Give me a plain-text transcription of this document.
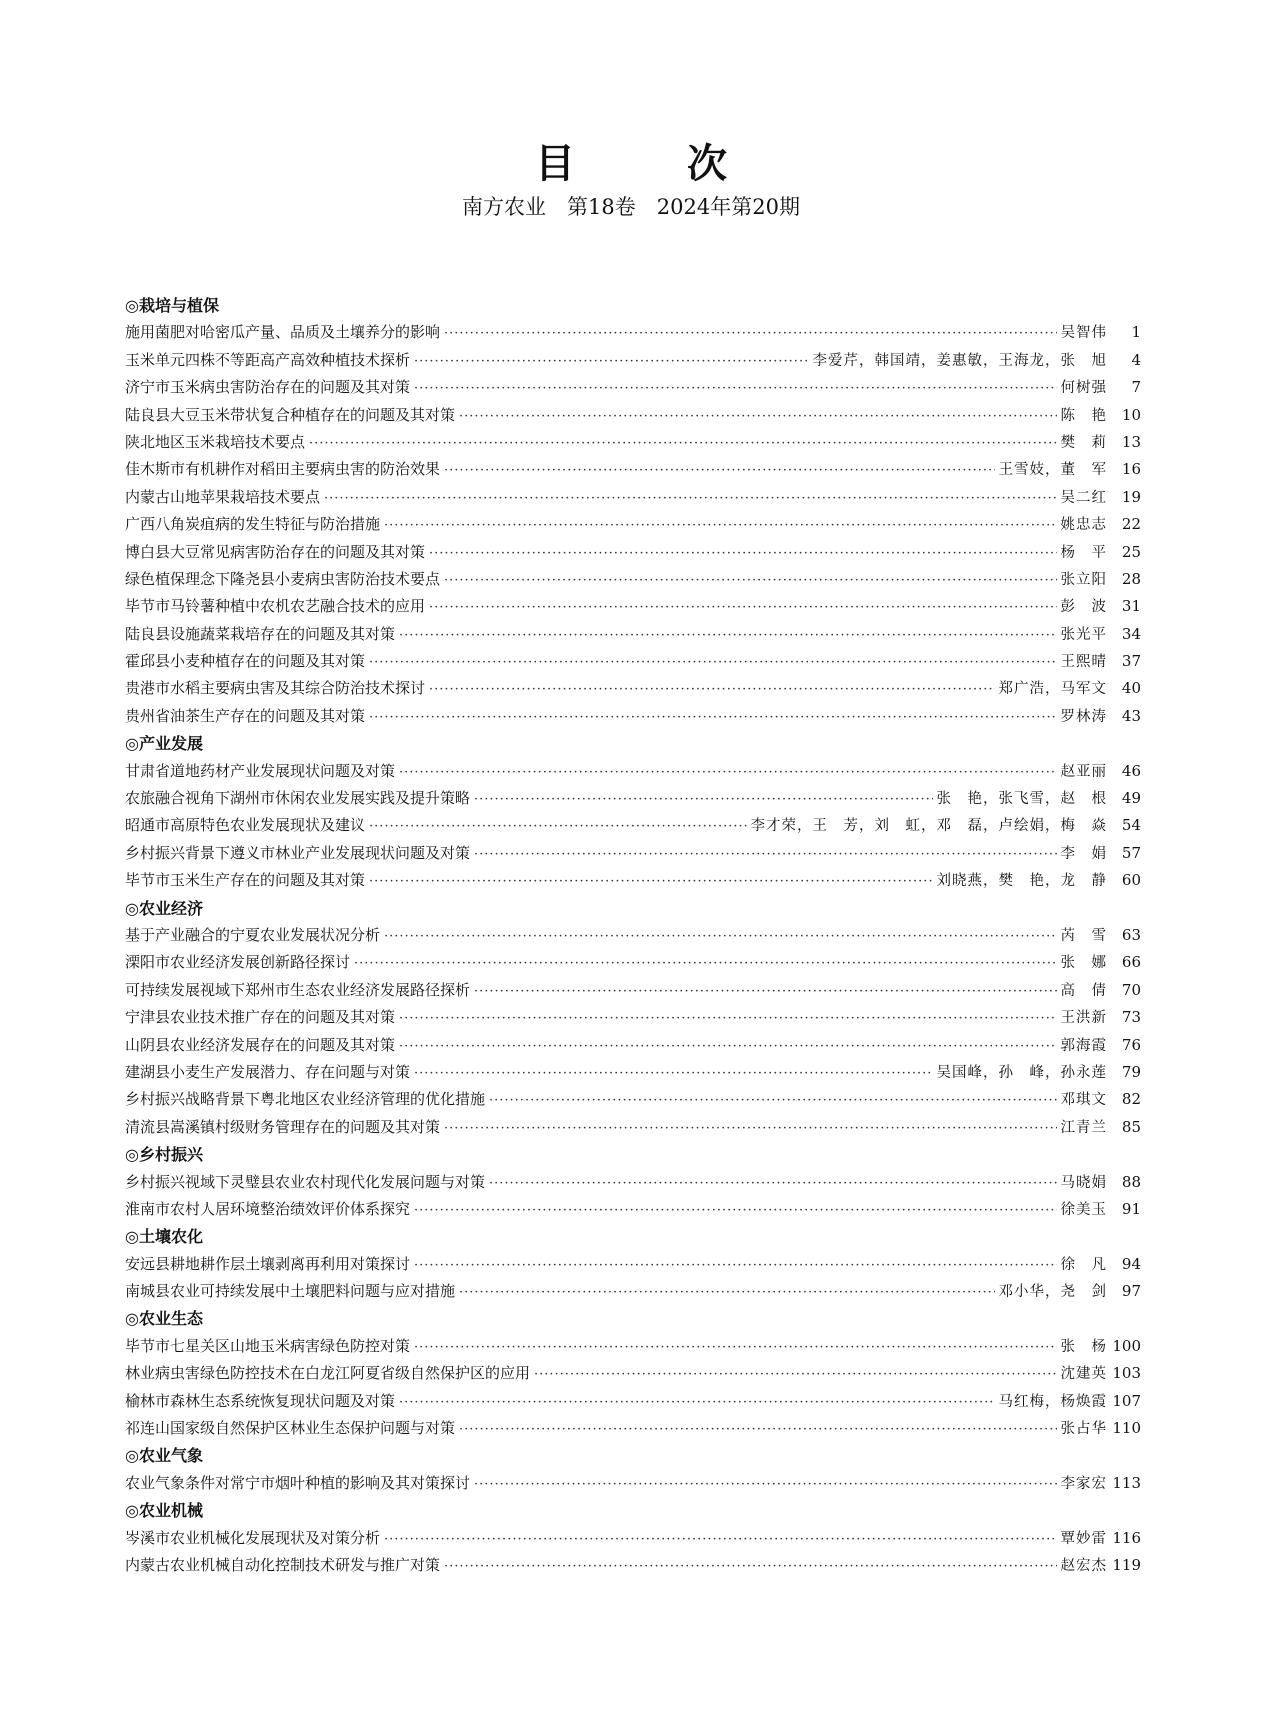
目　次
南方农业　 第18卷　 2024年第20期
◎栽培与植保
施用菌肥对哈密瓜产量、品质及土壤养分的影响 ·····	吴智伟	1
玉米单元四株不等距高产高效种植技术探析 ·····	李爱芹，韩国靖，姜惠敏，王海龙，张　旭	4
济宁市玉米病虫害防治存在的问题及其对策 ·····	何树强	7
陆良县大豆玉米带状复合种植存在的问题及其对策 ·····	陈　艳 10
陕北地区玉米栽培技术要点 ·····	樊　莉 13
佳木斯市有机耕作对稻田主要病虫害的防治效果 ·····	王雪妓，董　军 16
内蒙古山地苹果栽培技术要点 ·····	吴二红 19
广西八角炭疽病的发生特征与防治措施 ·····	姚忠志 22
博白县大豆常见病害防治存在的问题及其对策 ·····	杨　平 25
绿色植保理念下隆尧县小麦病虫害防治技术要点 ·····	张立阳 28
毕节市马铃薯种植中农机农艺融合技术的应用 ·····	彭　波 31
陆良县设施蔬菜栽培存在的问题及其对策 ·····	张光平 34
霍邱县小麦种植存在的问题及其对策 ·····	王熙晴 37
贵港市水稻主要病虫害及其综合防治技术探讨 ·····	郑广浩，马军文 40
贵州省油茶生产存在的问题及其对策 ·····	罗林涛 43
◎产业发展
甘肃省道地药材产业发展现状问题及对策 ·····	赵亚丽 46
农旅融合视角下湖州市休闲农业发展实践及提升策略 ·····	张　艳，张飞雪，赵　根 49
昭通市高原特色农业发展现状及建议 ·····	李才荣，王　芳，刘　虹，邓　磊，卢绘娟，梅　焱 54
乡村振兴背景下遵义市林业产业发展现状问题及对策 ·····	李　娟 57
毕节市玉米生产存在的问题及其对策 ·····	刘晓燕，樊　艳，龙　静 60
◎农业经济
基于产业融合的宁夏农业发展状况分析 ·····	芮　雪 63
溧阳市农业经济发展创新路径探讨 ·····	张　娜 66
可持续发展视域下郑州市生态农业经济发展路径探析 ·····	高　倩 70
宁津县农业技术推广存在的问题及其对策 ·····	王洪新 73
山阴县农业经济发展存在的问题及其对策 ·····	郭海霞 76
建湖县小麦生产发展潜力、存在问题与对策 ·····	吴国峰，孙　峰，孙永莲 79
乡村振兴战略背景下粤北地区农业经济管理的优化措施 ·····	邓琪文 82
清流县嵩溪镇村级财务管理存在的问题及其对策 ·····	江青兰 85
◎乡村振兴
乡村振兴视域下灵璧县农业农村现代化发展问题与对策 ·····	马晓娟 88
淮南市农村人居环境整治绩效评价体系探究 ·····	徐美玉 91
◎土壤农化
安远县耕地耕作层土壤剥离再利用对策探讨 ·····	徐　凡 94
南城县农业可持续发展中土壤肥料问题与应对措施 ·····	邓小华，尧　剑 97
◎农业生态
毕节市七星关区山地玉米病害绿色防控对策 ·····	张　杨 100
林业病虫害绿色防控技术在白龙江阿夏省级自然保护区的应用 ·····	沈建英 103
榆林市森林生态系统恢复现状问题及对策 ·····	马红梅，杨焕霞 107
祁连山国家级自然保护区林业生态保护问题与对策 ·····	张占华 110
◎农业气象
农业气象条件对常宁市烟叶种植的影响及其对策探讨 ·····	李家宏 113
◎农业机械
岑溪市农业机械化发展现状及对策分析 ·····	覃妙雷 116
内蒙古农业机械自动化控制技术研发与推广对策 ·····	赵宏杰 119
